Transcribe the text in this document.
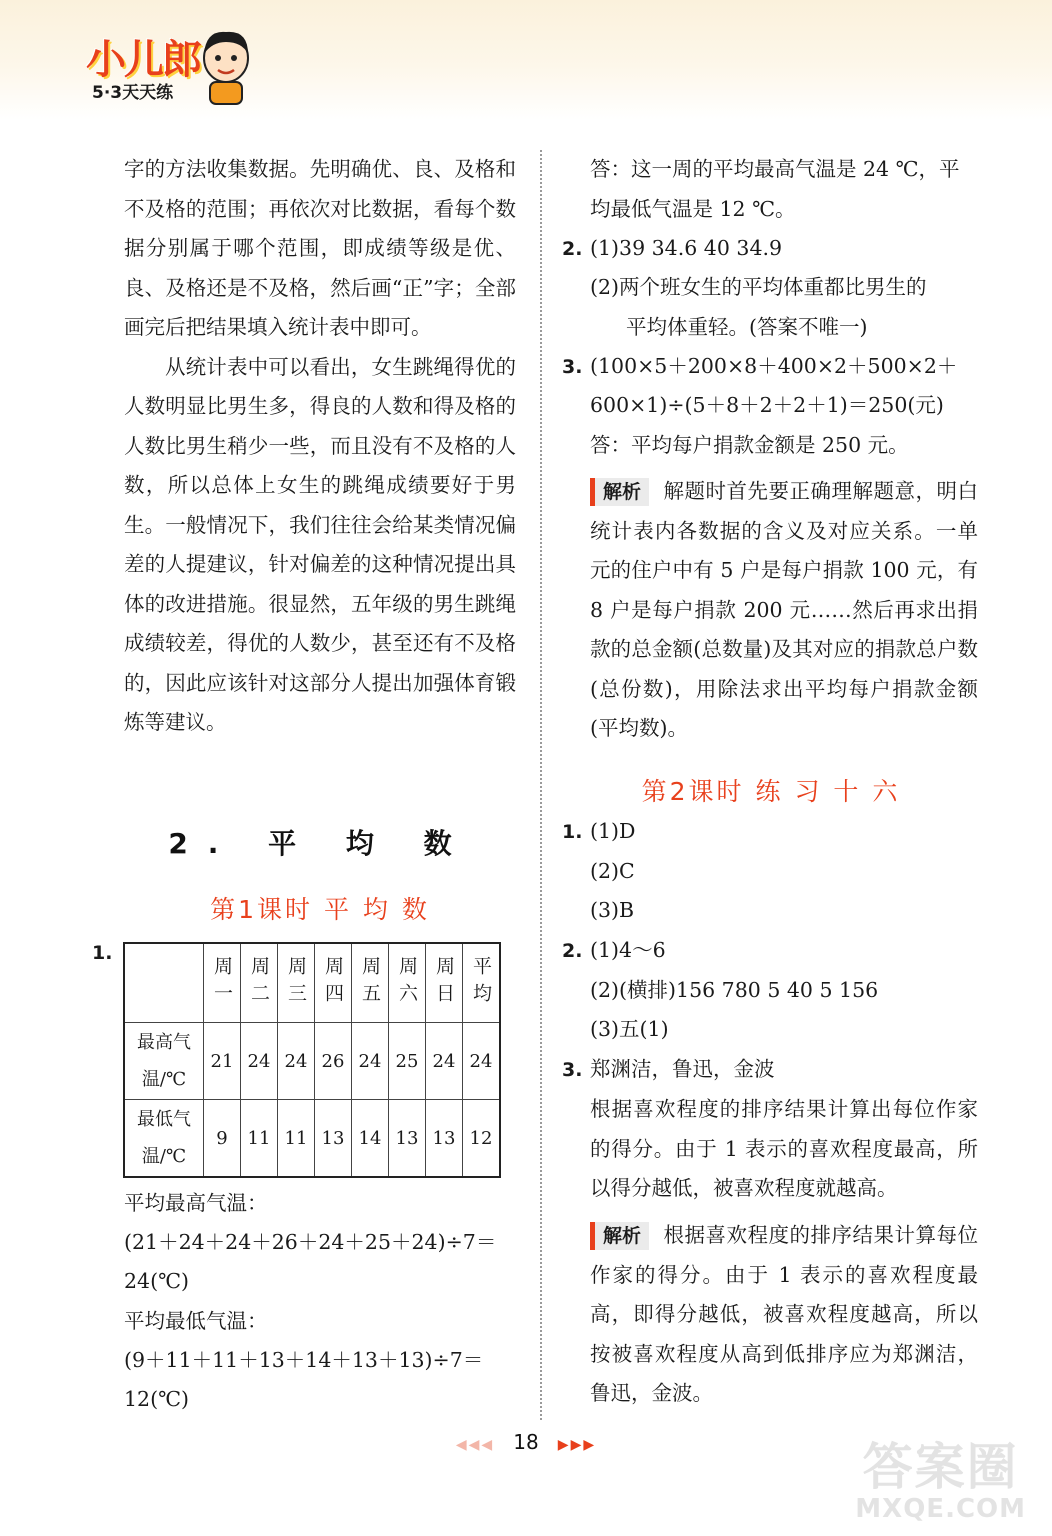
小儿郎
5·3天天练

字的方法收集数据。先明确优、良、及格和不及格的范围；再依次对比数据，看每个数据分别属于哪个范围，即成绩等级是优、良、及格还是不及格，然后画“正”字；全部画完后把结果填入统计表中即可。

从统计表中可以看出，女生跳绳得优的人数明显比男生多，得良的人数和得及格的人数比男生稍少一些，而且没有不及格的人数，所以总体上女生的跳绳成绩要好于男生。一般情况下，我们往往会给某类情况偏差的人提建议，针对偏差的这种情况提出具体的改进措施。很显然，五年级的男生跳绳成绩较差，得优的人数少，甚至还有不及格的，因此应该针对这部分人提出加强体育锻炼等建议。

2. 平 均 数
第1课时 平 均 数
1.
	周一	周二	周三	周四	周五	周六	周日	平均
最高气温/℃	21	24	24	26	24	25	24	24
最低气温/℃	9	11	11	13	14	13	13	12
平均最高气温：
(21＋24＋24＋26＋24＋25＋24)÷7＝
24(℃)
平均最低气温：
(9＋11＋11＋13＋14＋13＋13)÷7＝
12(℃)
答：这一周的平均最高气温是 24 ℃，平
均最低气温是 12 ℃。
2. (1)39 34.6 40 34.9
(2)两个班女生的平均体重都比男生的
平均体重轻。(答案不唯一)
3. (100×5＋200×8＋400×2＋500×2＋
600×1)÷(5＋8＋2＋2＋1)＝250(元)
答：平均每户捐款金额是 250 元。

解析 解题时首先要正确理解题意，明白统计表内各数据的含义及对应关系。一单元的住户中有 5 户是每户捐款 100 元，有 8 户是每户捐款 200 元……然后再求出捐款的总金额(总数量)及其对应的捐款总户数(总份数)，用除法求出平均每户捐款金额(平均数)。

第2课时 练 习 十 六
1. (1)D
(2)C
(3)B
2. (1)4～6
(2)(横排)156 780 5 40 5 156
(3)五(1)
3. 郑渊洁，鲁迅，金波

根据喜欢程度的排序结果计算出每位作家的得分。由于 1 表示的喜欢程度最高，所以得分越低，被喜欢程度就越高。

解析 根据喜欢程度的排序结果计算每位作家的得分。由于 1 表示的喜欢程度最高，即得分越低，被喜欢程度越高，所以按被喜欢程度从高到低排序应为郑渊洁，鲁迅，金波。

◀◀◀ 18 ▶▶▶	答案圈
MXQE.COM
